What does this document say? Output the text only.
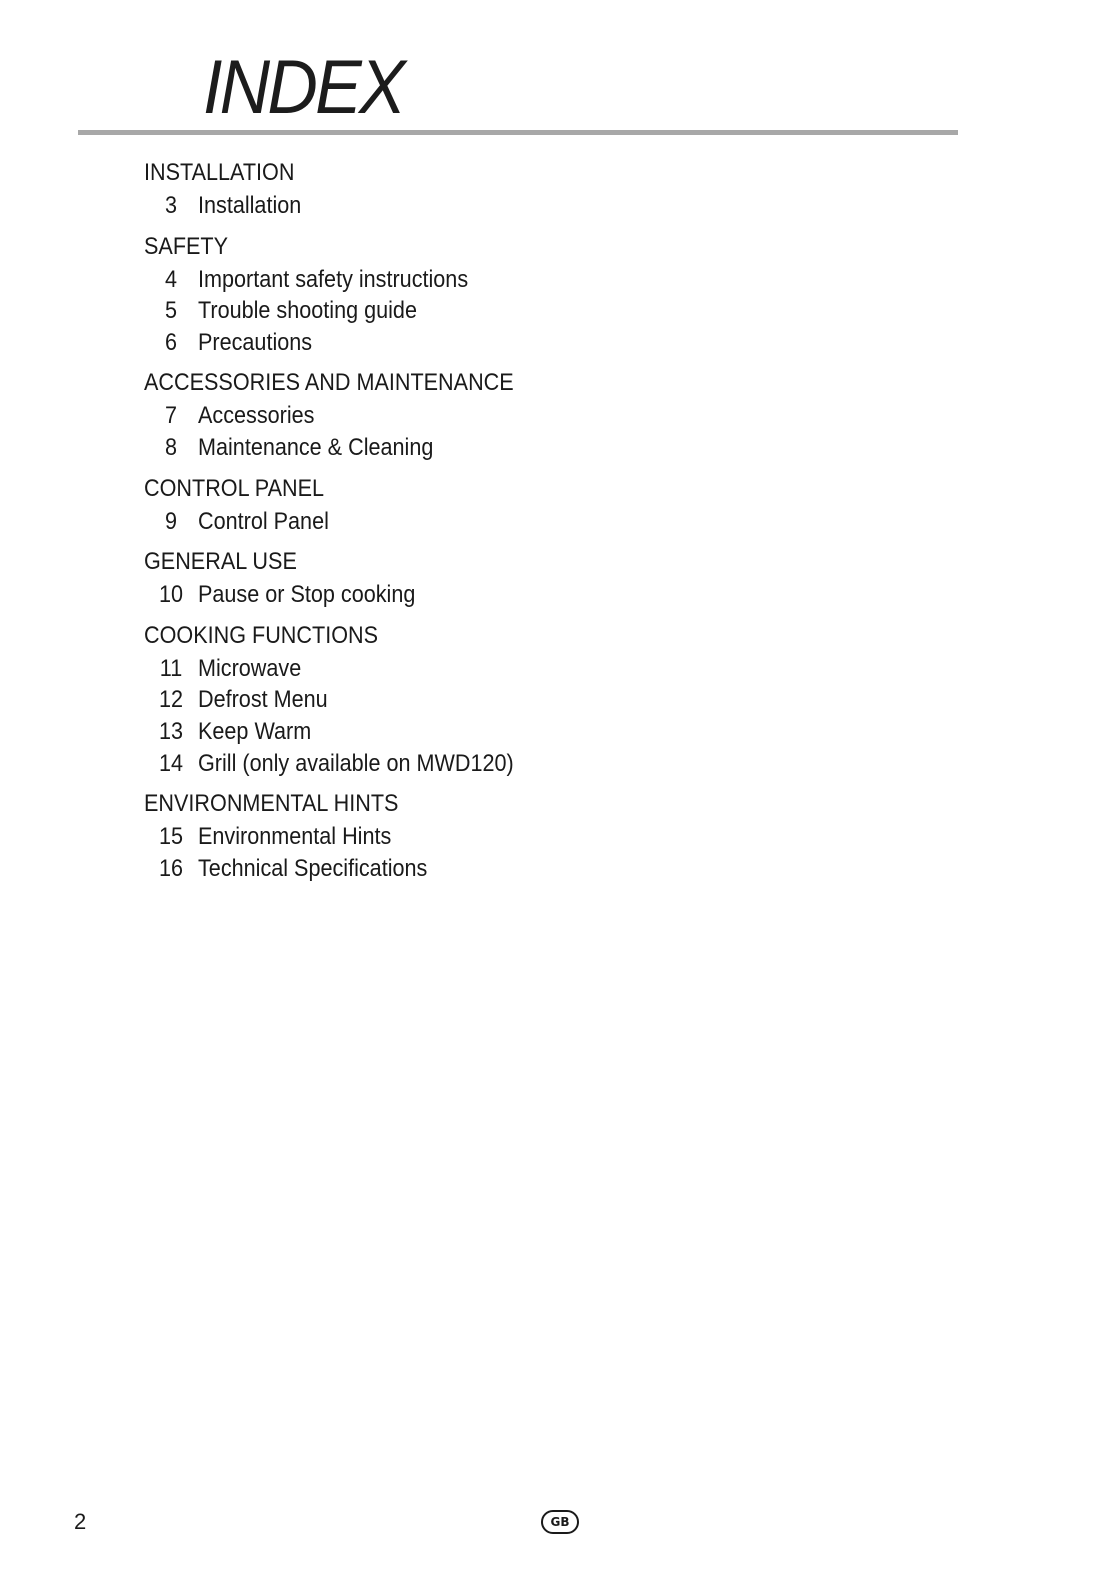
INDEX
INSTALLATION
3 Installation
SAFETY
4 Important safety instructions
5 Trouble shooting guide
6 Precautions
ACCESSORIES AND MAINTENANCE
7 Accessories
8 Maintenance & Cleaning
CONTROL PANEL
9 Control Panel
GENERAL USE
10 Pause or Stop cooking
COOKING FUNCTIONS
11 Microwave
12 Defrost Menu
13 Keep Warm
14 Grill (only available on MWD120)
ENVIRONMENTAL HINTS
15 Environmental Hints
16 Technical Specifications
2	GB
